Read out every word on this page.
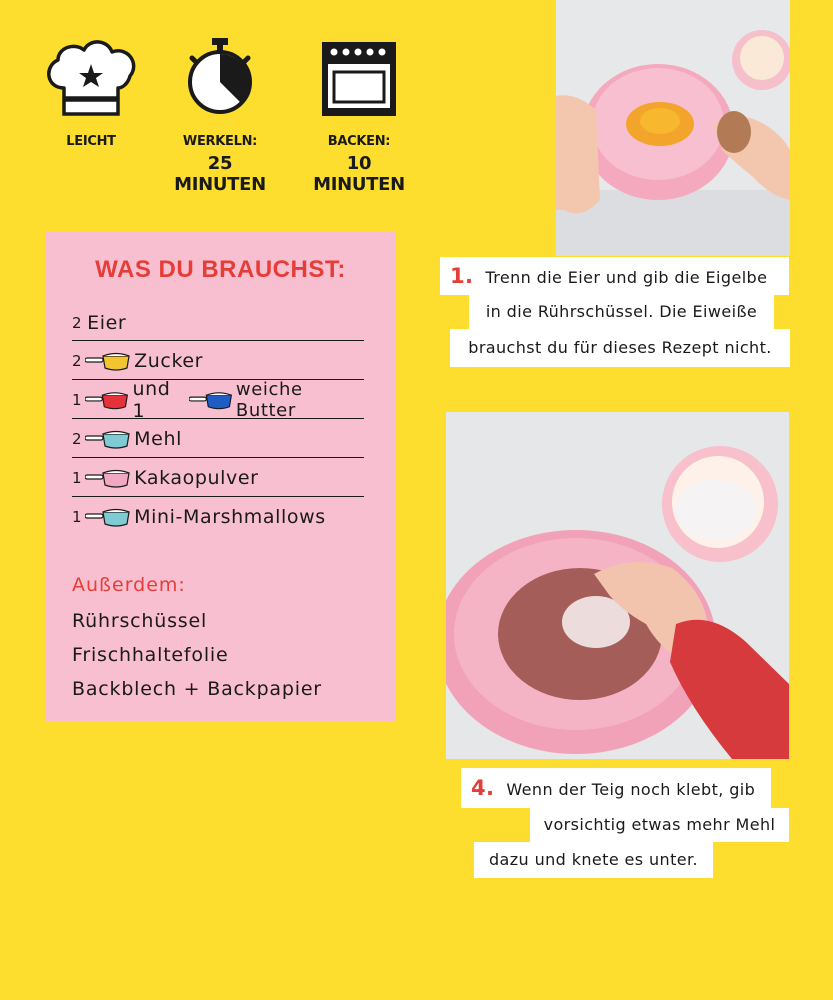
LEICHT	WERKELN:
25 MINUTEN
BACKEN:
10 MINUTEN
WAS DU BRAUCHST:
2 Eier
2	Zucker
1	und 1
weiche Butter
2	Mehl
1	Kakaopulver
1	Mini-Marshmallows
Außerdem:
Rührschüssel
Frischhaltefolie
Backblech + Backpapier
1. Trenn die Eier und gib die Eigelbe
in die Rührschüssel. Die Eiweiße
brauchst du für dieses Rezept nicht.
4. Wenn der Teig noch klebt, gib
vorsichtig etwas mehr Mehl
dazu und knete es unter.
